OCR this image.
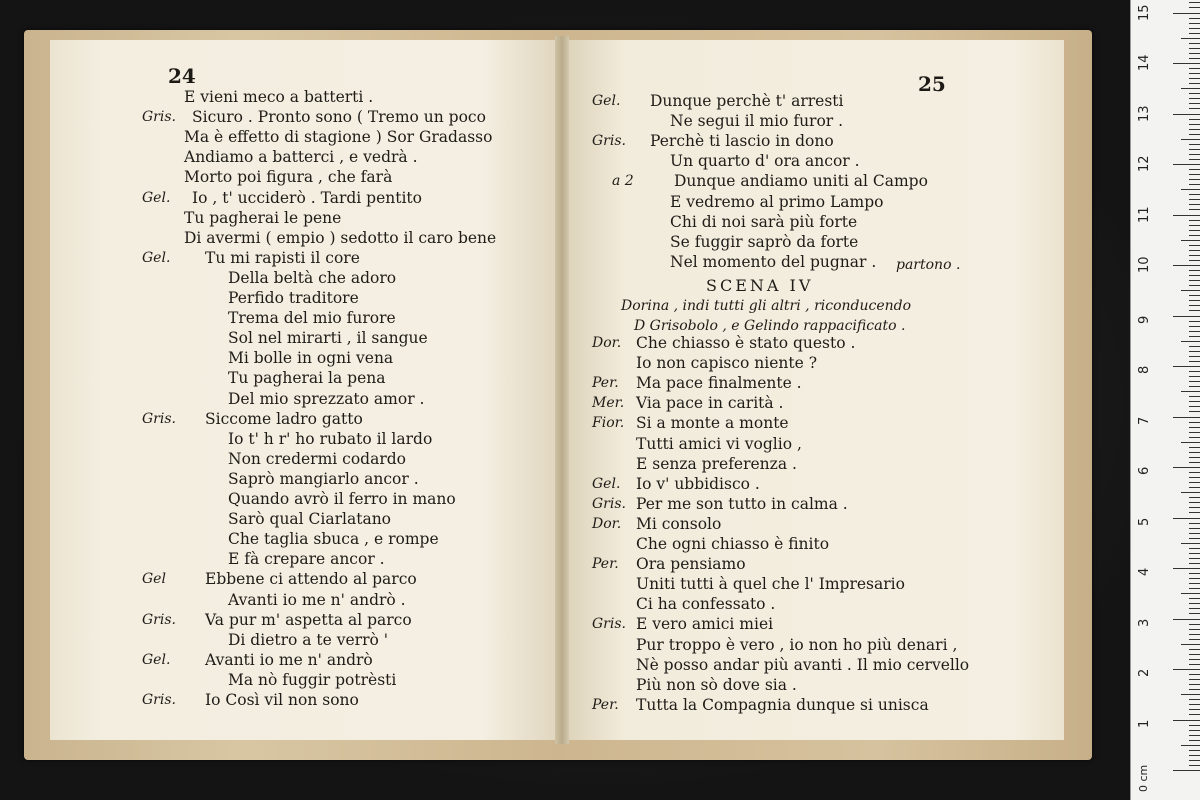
24
E vieni meco a batterti .
Gris. Sicuro . Pronto sono ( Tremo un poco
Ma è effetto di stagione ) Sor Gradasso
Andiamo a batterci , e vedrà .
Morto poi figura , che farà
Gel. Io , t' ucciderò . Tardi pentito
Tu pagherai le pene
Di avermi ( empio ) sedotto il caro bene
Gel. Tu mi rapisti il core
Della beltà che adoro
Perfido traditore
Trema del mio furore
Sol nel mirarti , il sangue
Mi bolle in ogni vena
Tu pagherai la pena
Del mio sprezzato amor .
Gris. Siccome ladro gatto
Io t' h r' ho rubato il lardo
Non credermi codardo
Saprò mangiarlo ancor .
Quando avrò il ferro in mano
Sarò qual Ciarlatano
Che taglia sbuca , e rompe
E fà crepare ancor .
Gel	Ebbene ci attendo al parco
Avanti io me n' andrò .
Gris. Va pur m' aspetta al parco
Di dietro a te verrò '
Gel. Avanti io me n' andrò
Ma nò fuggir potrèsti
Gris. Io Così vil non sono
25
Gel. Dunque perchè t' arresti
Ne segui il mio furor .
Gris. Perchè ti lascio in dono
Un quarto d' ora ancor .
a 2	Dunque andiamo uniti al Campo
E vedremo al primo Lampo
Chi di noi sarà più forte
Se fuggir saprò da forte
Nel momento del pugnar . partono .
SCENA IV
Dorina , indi tutti gli altri , riconducendo
D Grisobolo , e Gelindo rappacificato .
Dor. Che chiasso è stato questo .
Io non capisco niente ?
Per. Ma pace finalmente .
Mer. Via pace in carità .
Fior. Si a monte a monte
Tutti amici vi voglio ,
E senza preferenza .
Gel. Io v' ubbidisco .
Gris. Per me son tutto in calma .
Dor. Mi consolo
Che ogni chiasso è finito
Per. Ora pensiamo
Uniti tutti à quel che l' Impresario
Ci ha confessato .
Gris. E vero amici miei
Pur troppo è vero , io non ho più denari ,
Nè posso andar più avanti . Il mio cervello
Più non sò dove sia .
Per. Tutta la Compagnia dunque si unisca
1
2
3
4
5
6
7
8
9
10
11
12
13
14
15
0 cm
